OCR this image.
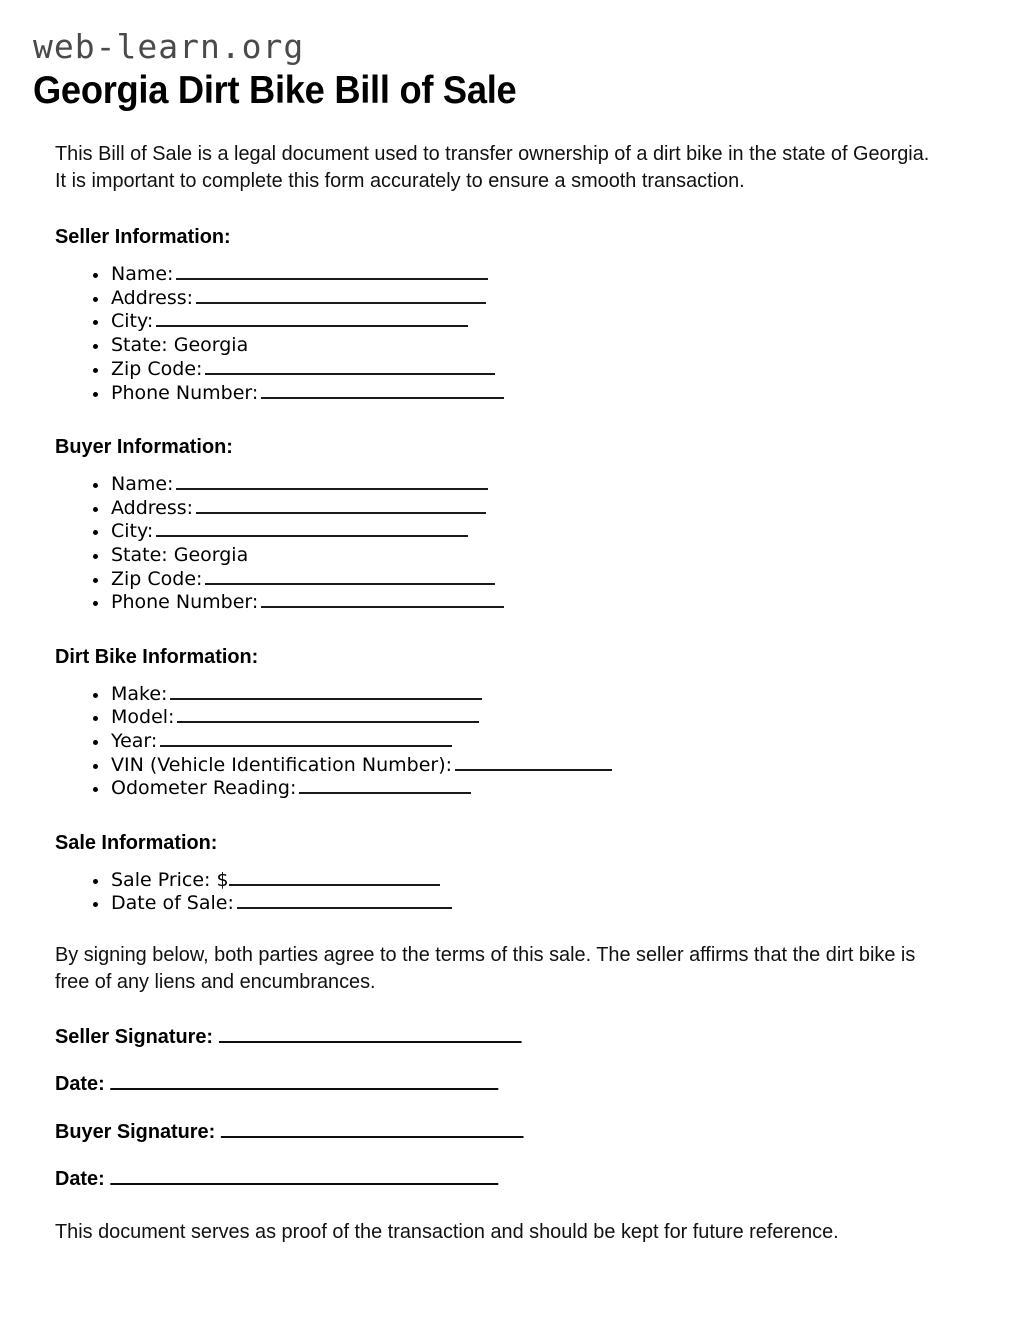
web-learn.org
Georgia Dirt Bike Bill of Sale

This Bill of Sale is a legal document used to transfer ownership of a dirt bike in the state of Georgia. It is important to complete this form accurately to ensure a smooth transaction.

Seller Information:
Name:
Address:
City:
State: Georgia
Zip Code:
Phone Number:
Buyer Information:
Name:
Address:
City:
State: Georgia
Zip Code:
Phone Number:
Dirt Bike Information:
Make:
Model:
Year:
VIN (Vehicle Identification Number):
Odometer Reading:
Sale Information:
Sale Price: $
Date of Sale:

By signing below, both parties agree to the terms of this sale. The seller affirms that the dirt bike is free of any liens and encumbrances.

Seller Signature:
Date:
Buyer Signature:
Date:

This document serves as proof of the transaction and should be kept for future reference.
